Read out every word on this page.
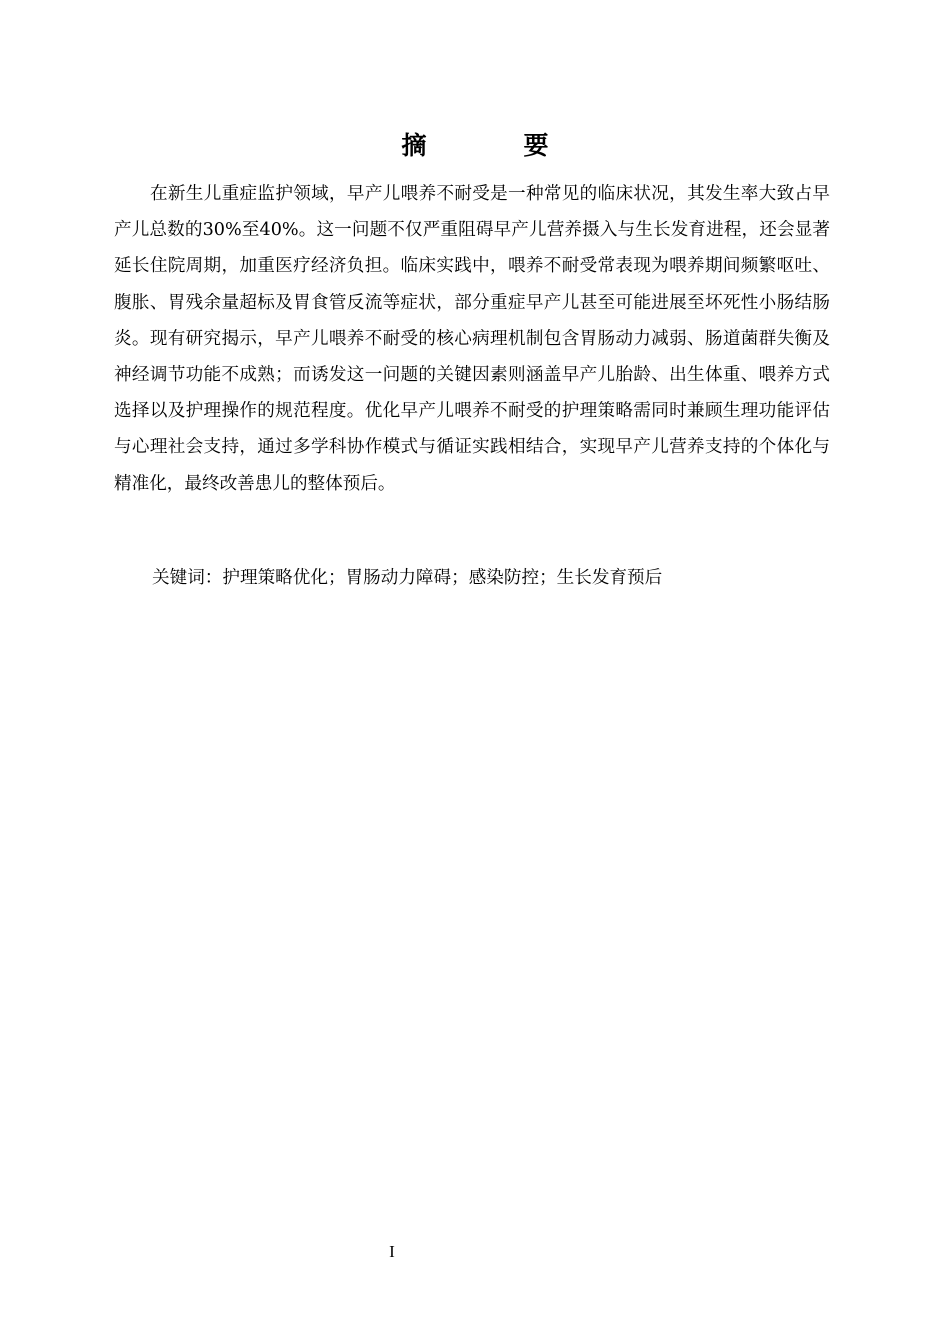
摘　要

在新生儿重症监护领域，早产儿喂养不耐受是一种常见的临床状况，其发生率大致占早产儿总数的30%至40%。这一问题不仅严重阻碍早产儿营养摄入与生长发育进程，还会显著延长住院周期，加重医疗经济负担。临床实践中，喂养不耐受常表现为喂养期间频繁呕吐、腹胀、胃残余量超标及胃食管反流等症状，部分重症早产儿甚至可能进展至坏死性小肠结肠炎。现有研究揭示，早产儿喂养不耐受的核心病理机制包含胃肠动力减弱、肠道菌群失衡及神经调节功能不成熟；而诱发这一问题的关键因素则涵盖早产儿胎龄、出生体重、喂养方式选择以及护理操作的规范程度。优化早产儿喂养不耐受的护理策略需同时兼顾生理功能评估与心理社会支持，通过多学科协作模式与循证实践相结合，实现早产儿营养支持的个体化与精准化，最终改善患儿的整体预后。

关键词：护理策略优化；胃肠动力障碍；感染防控；生长发育预后
I
